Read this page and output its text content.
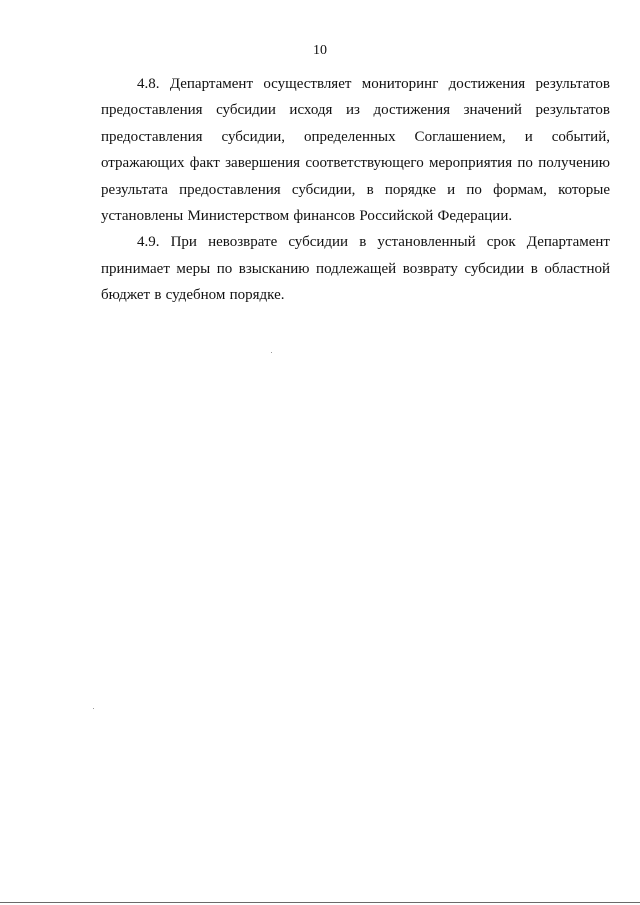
10

4.8. Департамент осуществляет мониторинг достижения результатов предоставления субсидии исходя из достижения значений результатов предоставления субсидии, определенных Соглашением, и событий, отражающих факт завершения соответствующего мероприятия по получению результата предоставления субсидии, в порядке и по формам, которые установлены Министерством финансов Российской Федерации.

4.9. При невозврате субсидии в установленный срок Департамент принимает меры по взысканию подлежащей возврату субсидии в областной бюджет в судебном порядке.
